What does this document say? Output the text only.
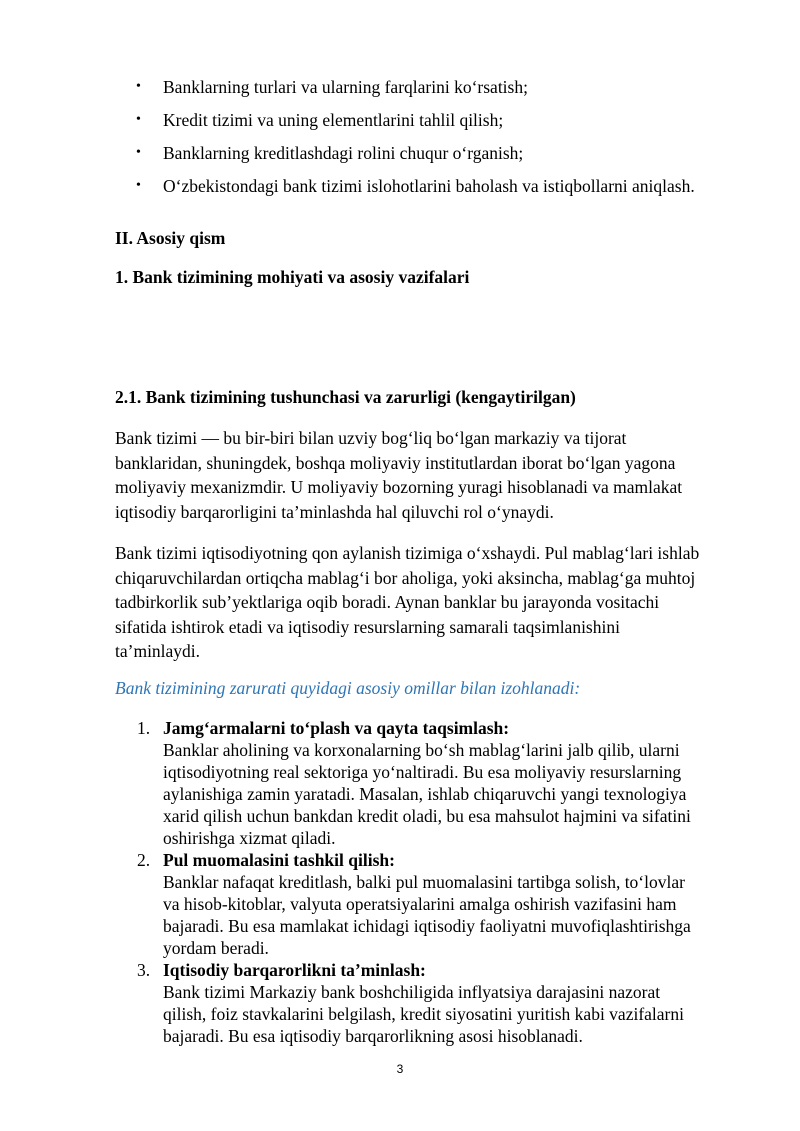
• Banklarning turlari va ularning farqlarini ko‘rsatish;
• Kredit tizimi va uning elementlarini tahlil qilish;
• Banklarning kreditlashdagi rolini chuqur o‘rganish;
• O‘zbekistondagi bank tizimi islohotlarini baholash va istiqbollarni aniqlash.
II. Asosiy qism
1. Bank tizimining mohiyati va asosiy vazifalari
2.1. Bank tizimining tushunchasi va zarurligi (kengaytirilgan)

Bank tizimi — bu bir-biri bilan uzviy bog‘liq bo‘lgan markaziy va tijorat
banklaridan, shuningdek, boshqa moliyaviy institutlardan iborat bo‘lgan yagona
moliyaviy mexanizmdir. U moliyaviy bozorning yuragi hisoblanadi va mamlakat
iqtisodiy barqarorligini ta’minlashda hal qiluvchi rol o‘ynaydi.

Bank tizimi iqtisodiyotning qon aylanish tizimiga o‘xshaydi. Pul mablag‘lari ishlab
chiqaruvchilardan ortiqcha mablag‘i bor aholiga, yoki aksincha, mablag‘ga muhtoj
tadbirkorlik sub’yektlariga oqib boradi. Aynan banklar bu jarayonda vositachi
sifatida ishtirok etadi va iqtisodiy resurslarning samarali taqsimlanishini
ta’minlaydi.

Bank tizimining zarurati quyidagi asosiy omillar bilan izohlanadi:
1. Jamg‘armalarni to‘plash va qayta taqsimlash:
Banklar aholining va korxonalarning bo‘sh mablag‘larini jalb qilib, ularni
iqtisodiyotning real sektoriga yo‘naltiradi. Bu esa moliyaviy resurslarning
aylanishiga zamin yaratadi. Masalan, ishlab chiqaruvchi yangi texnologiya
xarid qilish uchun bankdan kredit oladi, bu esa mahsulot hajmini va sifatini
oshirishga xizmat qiladi.
2. Pul muomalasini tashkil qilish:
Banklar nafaqat kreditlash, balki pul muomalasini tartibga solish, to‘lovlar
va hisob-kitoblar, valyuta operatsiyalarini amalga oshirish vazifasini ham
bajaradi. Bu esa mamlakat ichidagi iqtisodiy faoliyatni muvofiqlashtirishga
yordam beradi.
3. Iqtisodiy barqarorlikni ta’minlash:
Bank tizimi Markaziy bank boshchiligida inflyatsiya darajasini nazorat
qilish, foiz stavkalarini belgilash, kredit siyosatini yuritish kabi vazifalarni
bajaradi. Bu esa iqtisodiy barqarorlikning asosi hisoblanadi.
3
